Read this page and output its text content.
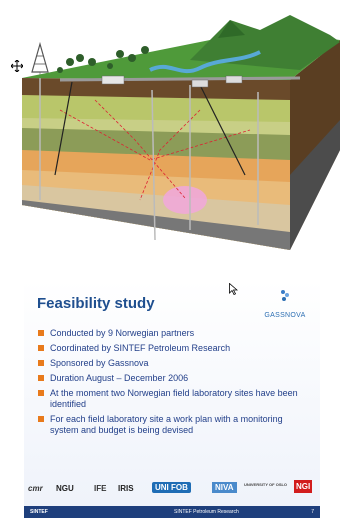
Feasibility study
GASSNOVA
Conducted by 9 Norwegian partners
Coordinated by SINTEF Petroleum Research
Sponsored by Gassnova
Duration August – December 2006
At the moment two Norwegian field laboratory sites have been identified
For each field laboratory site a work plan with a monitoring system and budget is being devised
cmr NGU	IFE IRIS	UNI FOB	NIVA	UNIVERSITY OF OSLO NGI
SINTEF	SINTEF Petroleum Research	7
